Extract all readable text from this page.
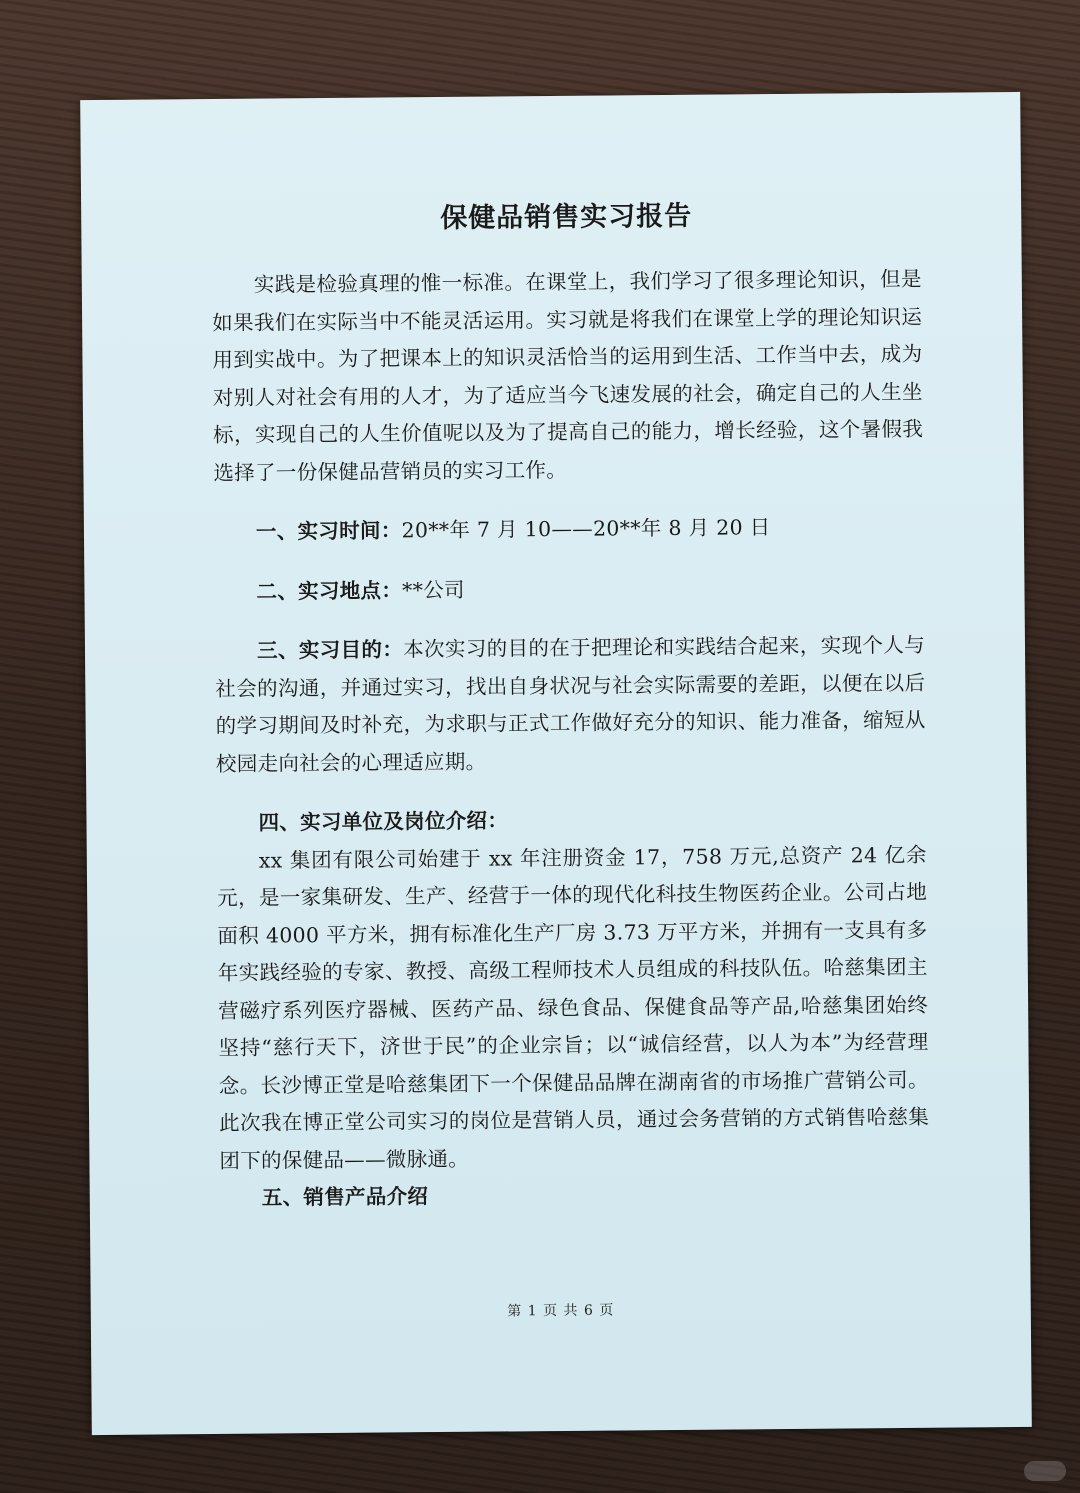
保健品销售实习报告

实践是检验真理的惟一标准。在课堂上，我们学习了很多理论知识，但是如果我们在实际当中不能灵活运用。实习就是将我们在课堂上学的理论知识运用到实战中。为了把课本上的知识灵活恰当的运用到生活、工作当中去，成为对别人对社会有用的人才，为了适应当今飞速发展的社会，确定自己的人生坐标，实现自己的人生价值呢以及为了提高自己的能力，增长经验，这个暑假我选择了一份保健品营销员的实习工作。

一、实习时间：20**年 7 月 10——20**年 8 月 20 日

二、实习地点：**公司

三、实习目的：本次实习的目的在于把理论和实践结合起来，实现个人与社会的沟通，并通过实习，找出自身状况与社会实际需要的差距，以便在以后的学习期间及时补充，为求职与正式工作做好充分的知识、能力准备，缩短从校园走向社会的心理适应期。

四、实习单位及岗位介绍：

xx 集团有限公司始建于 xx 年注册资金 17，758 万元,总资产 24 亿余元，是一家集研发、生产、经营于一体的现代化科技生物医药企业。公司占地面积 4000 平方米，拥有标准化生产厂房 3.73 万平方米，并拥有一支具有多年实践经验的专家、教授、高级工程师技术人员组成的科技队伍。哈慈集团主营磁疗系列医疗器械、医药产品、绿色食品、保健食品等产品,哈慈集团始终坚持“慈行天下，济世于民”的企业宗旨；以“诚信经营，以人为本”为经营理念。长沙博正堂是哈慈集团下一个保健品品牌在湖南省的市场推广营销公司。此次我在博正堂公司实习的岗位是营销人员，通过会务营销的方式销售哈慈集团下的保健品——微脉通。

五、销售产品介绍

第 1 页 共 6 页
